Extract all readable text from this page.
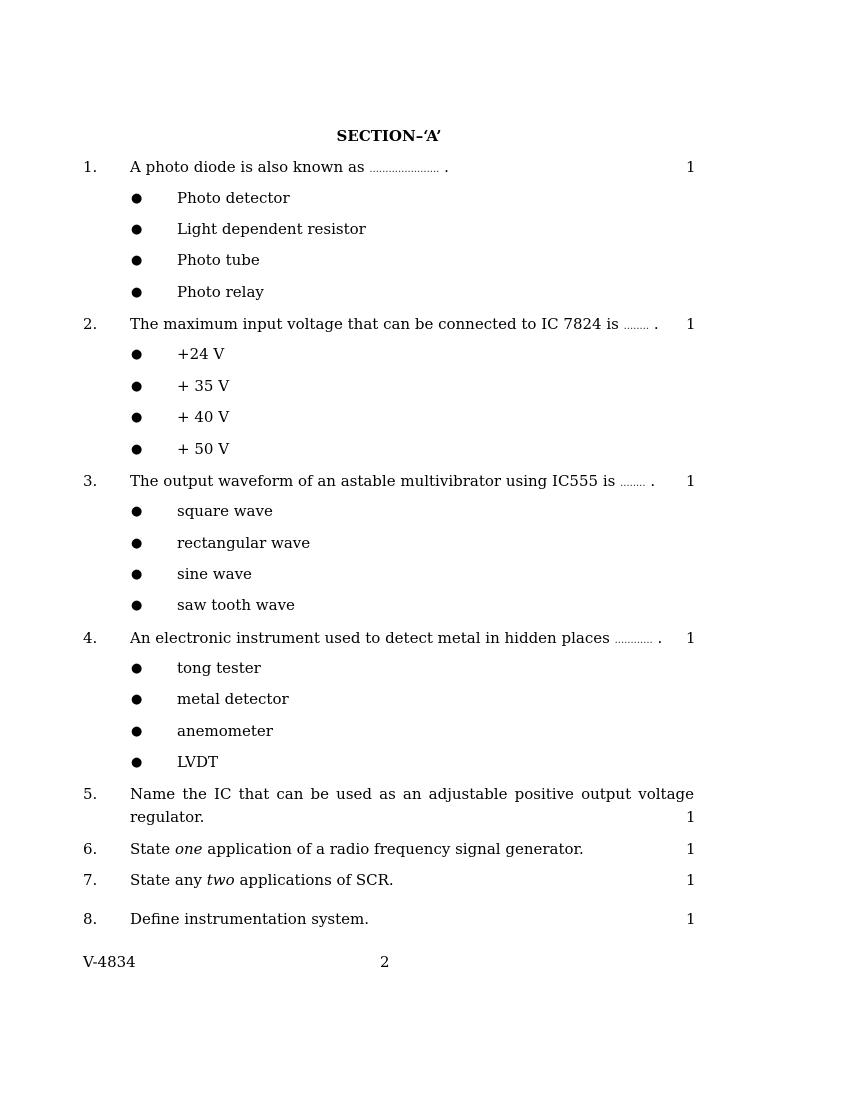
SECTION–‘A’
1. A photo diode is also known as ...................... .	1
● Photo detector
● Light dependent resistor
● Photo tube
● Photo relay
2. The maximum input voltage that can be connected to IC 7824 is ........ . 1
● +24 V
● + 35 V
● + 40 V
● + 50 V
3. The output waveform of an astable multivibrator using IC555 is ........ . 1
● square wave
● rectangular wave
● sine wave
● saw tooth wave
4. An electronic instrument used to detect metal in hidden places ............ . 1
● tong tester
● metal detector
● anemometer
● LVDT
5. Name the IC that can be used as an adjustable positive output voltage
regulator.	1
6. State one application of a radio frequency signal generator.	1
7. State any two applications of SCR.	1
8. Define instrumentation system.	1
V-4834	2
